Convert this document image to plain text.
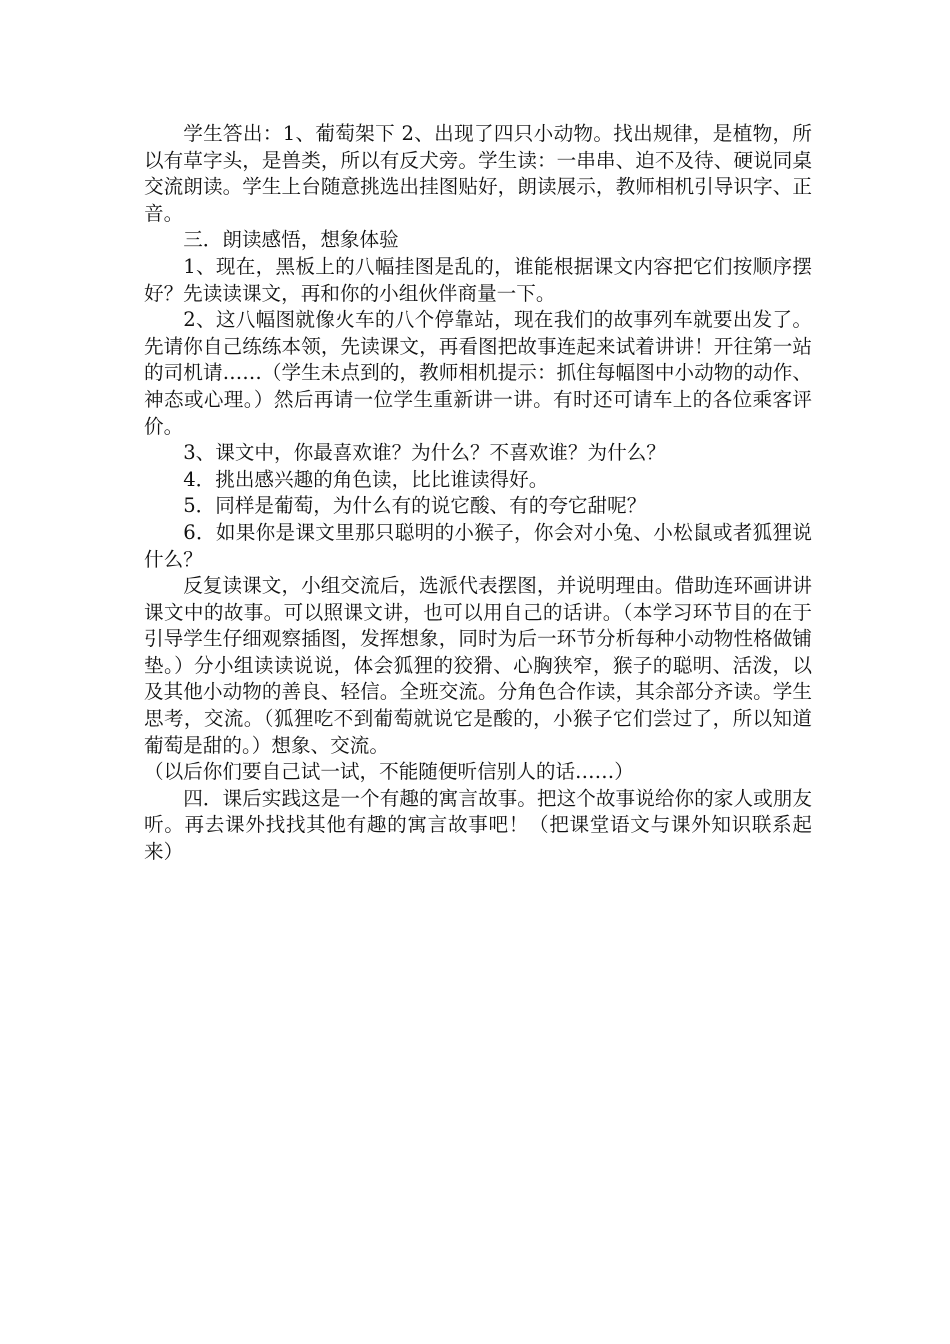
学生答出：1、葡萄架下 2、出现了四只小动物。找出规律，是植物，所以有草字头，是兽类，所以有反犬旁。学生读：一串串、迫不及待、硬说同桌交流朗读。学生上台随意挑选出挂图贴好，朗读展示，教师相机引导识字、正音。

三．朗读感悟，想象体验

1、现在，黑板上的八幅挂图是乱的，谁能根据课文内容把它们按顺序摆好？先读读课文，再和你的小组伙伴商量一下。

2、这八幅图就像火车的八个停靠站，现在我们的故事列车就要出发了。先请你自己练练本领，先读课文，再看图把故事连起来试着讲讲！开往第一站的司机请……（学生未点到的，教师相机提示：抓住每幅图中小动物的动作、神态或心理。）然后再请一位学生重新讲一讲。有时还可请车上的各位乘客评价。

3、课文中，你最喜欢谁？为什么？不喜欢谁？为什么？

4．挑出感兴趣的角色读，比比谁读得好。

5．同样是葡萄，为什么有的说它酸、有的夸它甜呢？

6．如果你是课文里那只聪明的小猴子，你会对小兔、小松鼠或者狐狸说什么？

反复读课文，小组交流后，选派代表摆图，并说明理由。借助连环画讲讲课文中的故事。可以照课文讲，也可以用自己的话讲。（本学习环节目的在于引导学生仔细观察插图，发挥想象，同时为后一环节分析每种小动物性格做铺垫。）分小组读读说说，体会狐狸的狡猾、心胸狭窄，猴子的聪明、活泼，以及其他小动物的善良、轻信。全班交流。分角色合作读，其余部分齐读。学生思考，交流。（狐狸吃不到葡萄就说它是酸的，小猴子它们尝过了，所以知道葡萄是甜的。）想象、交流。

（以后你们要自己试一试，不能随便听信别人的话……）

四．课后实践这是一个有趣的寓言故事。把这个故事说给你的家人或朋友听。再去课外找找其他有趣的寓言故事吧！（把课堂语文与课外知识联系起来）
